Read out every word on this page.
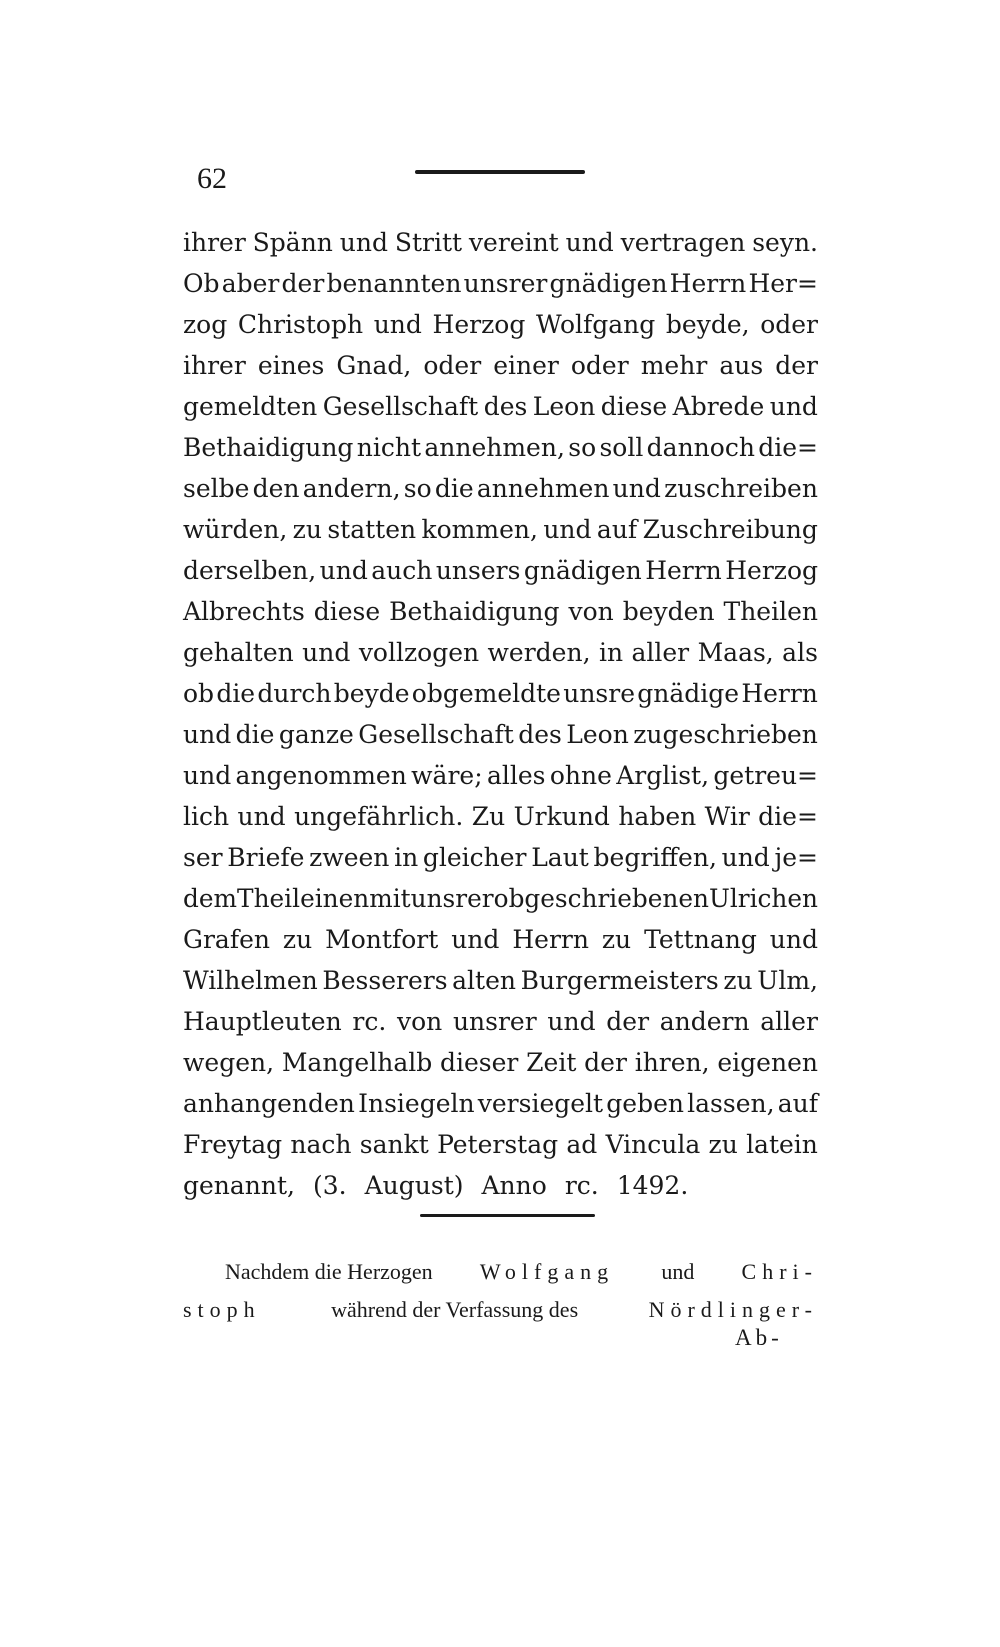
62
ihrer Spänn und Stritt vereint und vertragen seyn.
Ob aber der benannten unsrer gnädigen Herrn Her=
zog Christoph und Herzog Wolfgang beyde, oder
ihrer eines Gnad, oder einer oder mehr aus der
gemeldten Gesellschaft des Leon diese Abrede und
Bethaidigung nicht annehmen, so soll dannoch die=
selbe den andern, so die annehmen und zuschreiben
würden, zu statten kommen, und auf Zuschreibung
derselben, und auch unsers gnädigen Herrn Herzog
Albrechts diese Bethaidigung von beyden Theilen
gehalten und vollzogen werden, in aller Maas, als
ob die durch beyde obgemeldte unsre gnädige Herrn
und die ganze Gesellschaft des Leon zugeschrieben
und angenommen wäre; alles ohne Arglist, getreu=
lich und ungefährlich. Zu Urkund haben Wir die=
ser Briefe zween in gleicher Laut begriffen, und je=
dem Theil einen mit unsrer obgeschriebenen Ulrichen
Grafen zu Montfort und Herrn zu Tettnang und
Wilhelmen Besserers alten Burgermeisters zu Ulm,
Hauptleuten rc. von unsrer und der andern aller
wegen, Mangelhalb dieser Zeit der ihren, eigenen
anhangenden Insiegeln versiegelt geben lassen, auf
Freytag nach sankt Peterstag ad Vincula zu latein
genannt, (3. August) Anno rc. 1492.
Nachdem die Herzogen Wolfgang und Chri-
stoph	während der Verfassung des	Nördlinger-
Ab-
